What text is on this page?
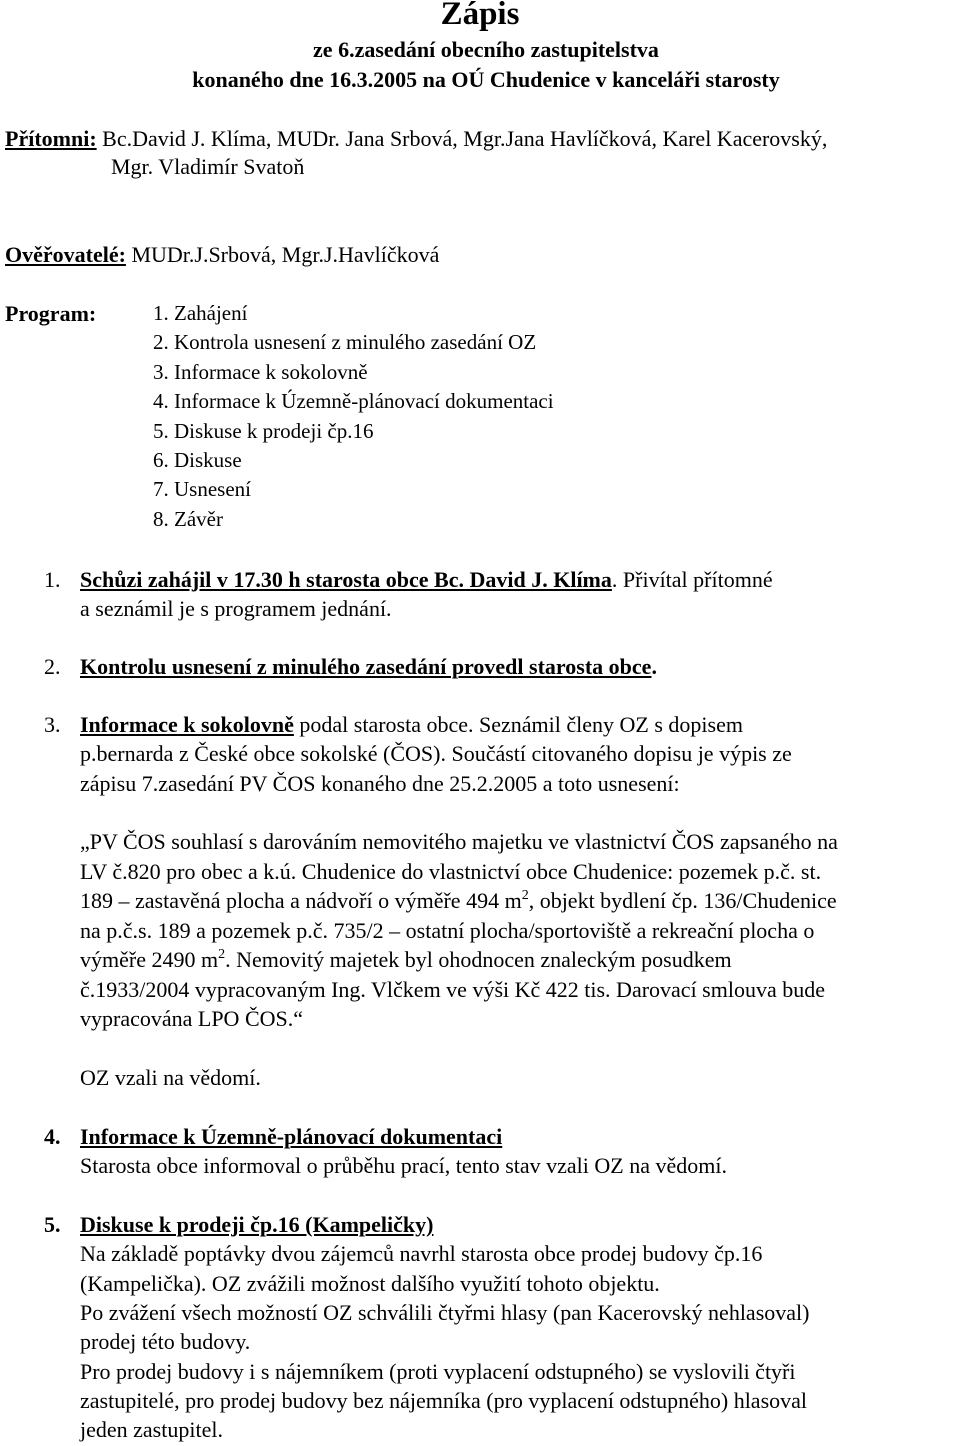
Zápis
ze 6.zasedání obecního zastupitelstva
konaného dne 16.3.2005 na OÚ Chudenice v kanceláři starosty
Přítomni: Bc.David J. Klíma, MUDr. Jana Srbová, Mgr.Jana Havlíčková, Karel Kacerovský,
Mgr. Vladimír Svatoň
Ověřovatelé: MUDr.J.Srbová, Mgr.J.Havlíčková
Program:	1. Zahájení
2. Kontrola usnesení z minulého zasedání OZ
3. Informace k sokolovně
4. Informace k Územně-plánovací dokumentaci
5. Diskuse k prodeji čp.16
6. Diskuse
7. Usnesení
8. Závěr
1. Schůzi zahájil v 17.30 h starosta obce Bc. David J. Klíma. Přivítal přítomné
a seznámil je s programem jednání.
2. Kontrolu usnesení z minulého zasedání provedl starosta obce.
3. Informace k sokolovně podal starosta obce. Seznámil členy OZ s dopisem
p.bernarda z České obce sokolské (ČOS). Součástí citovaného dopisu je výpis ze
zápisu 7.zasedání PV ČOS konaného dne 25.2.2005 a toto usnesení:
„PV ČOS souhlasí s darováním nemovitého majetku ve vlastnictví ČOS zapsaného na
LV č.820 pro obec a k.ú. Chudenice do vlastnictví obce Chudenice: pozemek p.č. st.
189 – zastavěná plocha a nádvoří o výměře 494 $m^2$, objekt bydlení čp. 136/Chudenice
na p.č.s. 189 a pozemek p.č. 735/2 – ostatní plocha/sportoviště a rekreační plocha o
výměře 2490 $m^2$. Nemovitý majetek byl ohodnocen znaleckým posudkem
č.1933/2004 vypracovaným Ing. Vlčkem ve výši Kč 422 tis. Darovací smlouva bude
vypracována LPO ČOS.“
OZ vzali na vědomí.
4. Informace k Územně-plánovací dokumentaci
Starosta obce informoval o průběhu prací, tento stav vzali OZ na vědomí.
5. Diskuse k prodeji čp.16 (Kampeličky)
Na základě poptávky dvou zájemců navrhl starosta obce prodej budovy čp.16
(Kampelička). OZ zvážili možnost dalšího využití tohoto objektu.
Po zvážení všech možností OZ schválili čtyřmi hlasy (pan Kacerovský nehlasoval)
prodej této budovy.
Pro prodej budovy i s nájemníkem (proti vyplacení odstupného) se vyslovili čtyři
zastupitelé, pro prodej budovy bez nájemníka (pro vyplacení odstupného) hlasoval
jeden zastupitel.
